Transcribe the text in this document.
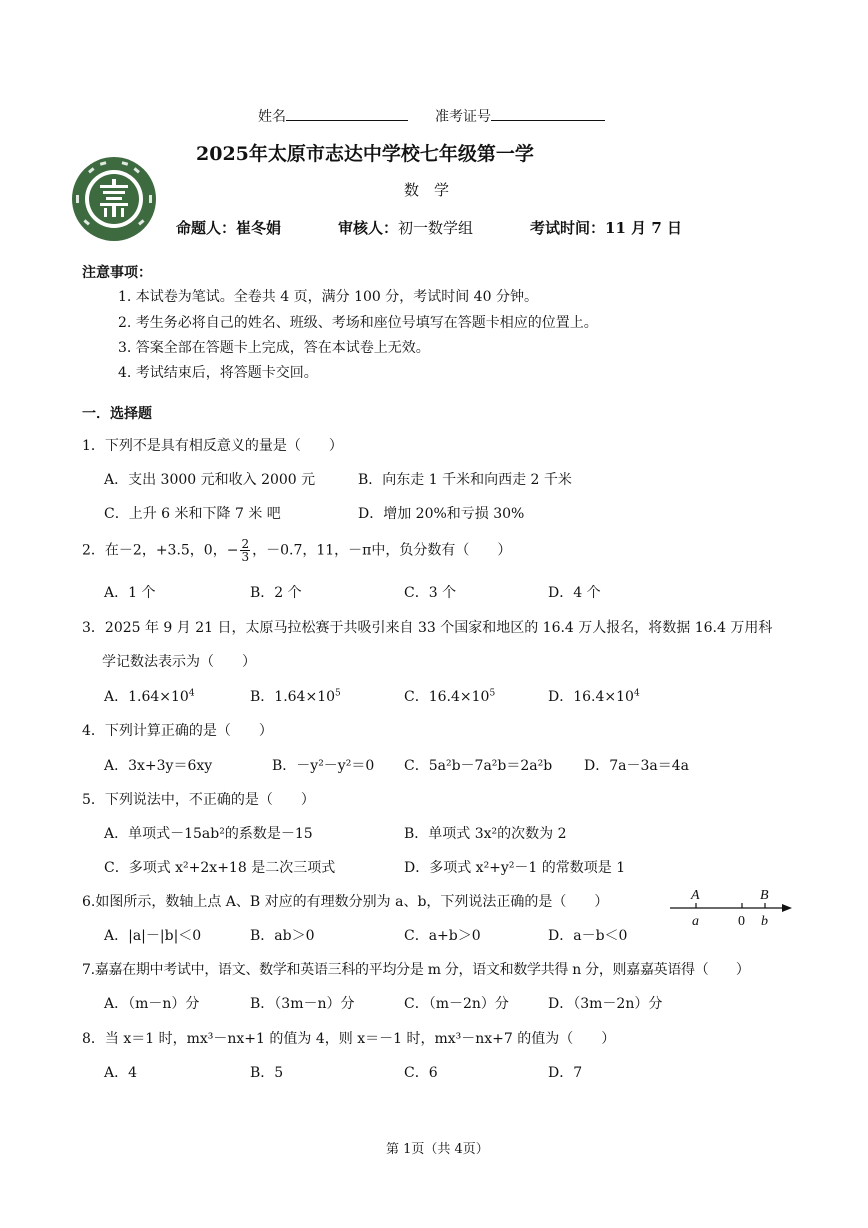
姓名	准考证号
2025年太原市志达中学校七年级第一学
数　学
命题人：崔冬娟	审核人：初一数学组	考试时间：11 月 7 日
注意事项：
1. 本试卷为笔试。全卷共 4 页，满分 100 分，考试时间 40 分钟。
2. 考生务必将自己的姓名、班级、考场和座位号填写在答题卡相应的位置上。
3. 答案全部在答题卡上完成，答在本试卷上无效。
4. 考试结束后，将答题卡交回。
一．选择题
1．下列不是具有相反意义的量是（　　）
A．支出 3000 元和收入 2000 元	B．向东走 1 千米和向西走 2 千米
C．上升 6 米和下降 7 米 吧	D．增加 20%和亏损 30%
2．在－2，+3.5，0，− $\frac{2}{3}$ ，－0.7，11，－π中，负分数有（　　）
A．1 个	B．2 个	C．3 个	D．4 个
3．2025 年 9 月 21 日，太原马拉松赛于共吸引来自 33 个国家和地区的 16.4 万人报名，将数据 16.4 万用科
学记数法表示为（　　）
A．$1.64\times 10^4$	B．$1.64\times 10^5$	C．$16.4\times 10^5$	D．$16.4\times 10^4$
4．下列计算正确的是（　　）
A．3x+3y＝6xy	B．－y²－y²＝0 C．5a²b－7a²b＝2a²b D．7a－3a＝4a
5．下列说法中，不正确的是（　　）
A．单项式－15ab²的系数是－15	B．单项式 3x²的次数为 2
C．多项式 x²+2x+18 是二次三项式	D．多项式 x²+y²－1 的常数项是 1
6.如图所示，数轴上点 A、B 对应的有理数分别为 a、b，下列说法正确的是（　　）	A	B
a	0 b
A．|a|－|b|＜0	B．ab＞0	C．a+b＞0	D．a－b＜0
7.嘉嘉在期中考试中，语文、数学和英语三科的平均分是 m 分，语文和数学共得 n 分，则嘉嘉英语得（　　）
A．（m－n）分	B．（3m－n）分	C．（m－2n）分	D．（3m－2n）分
8．当 x＝1 时，mx³－nx+1 的值为 4，则 x＝－1 时，mx³－nx+7 的值为（　　）
A．4	B．5	C．6	D．7
第 1页（共 4页）
